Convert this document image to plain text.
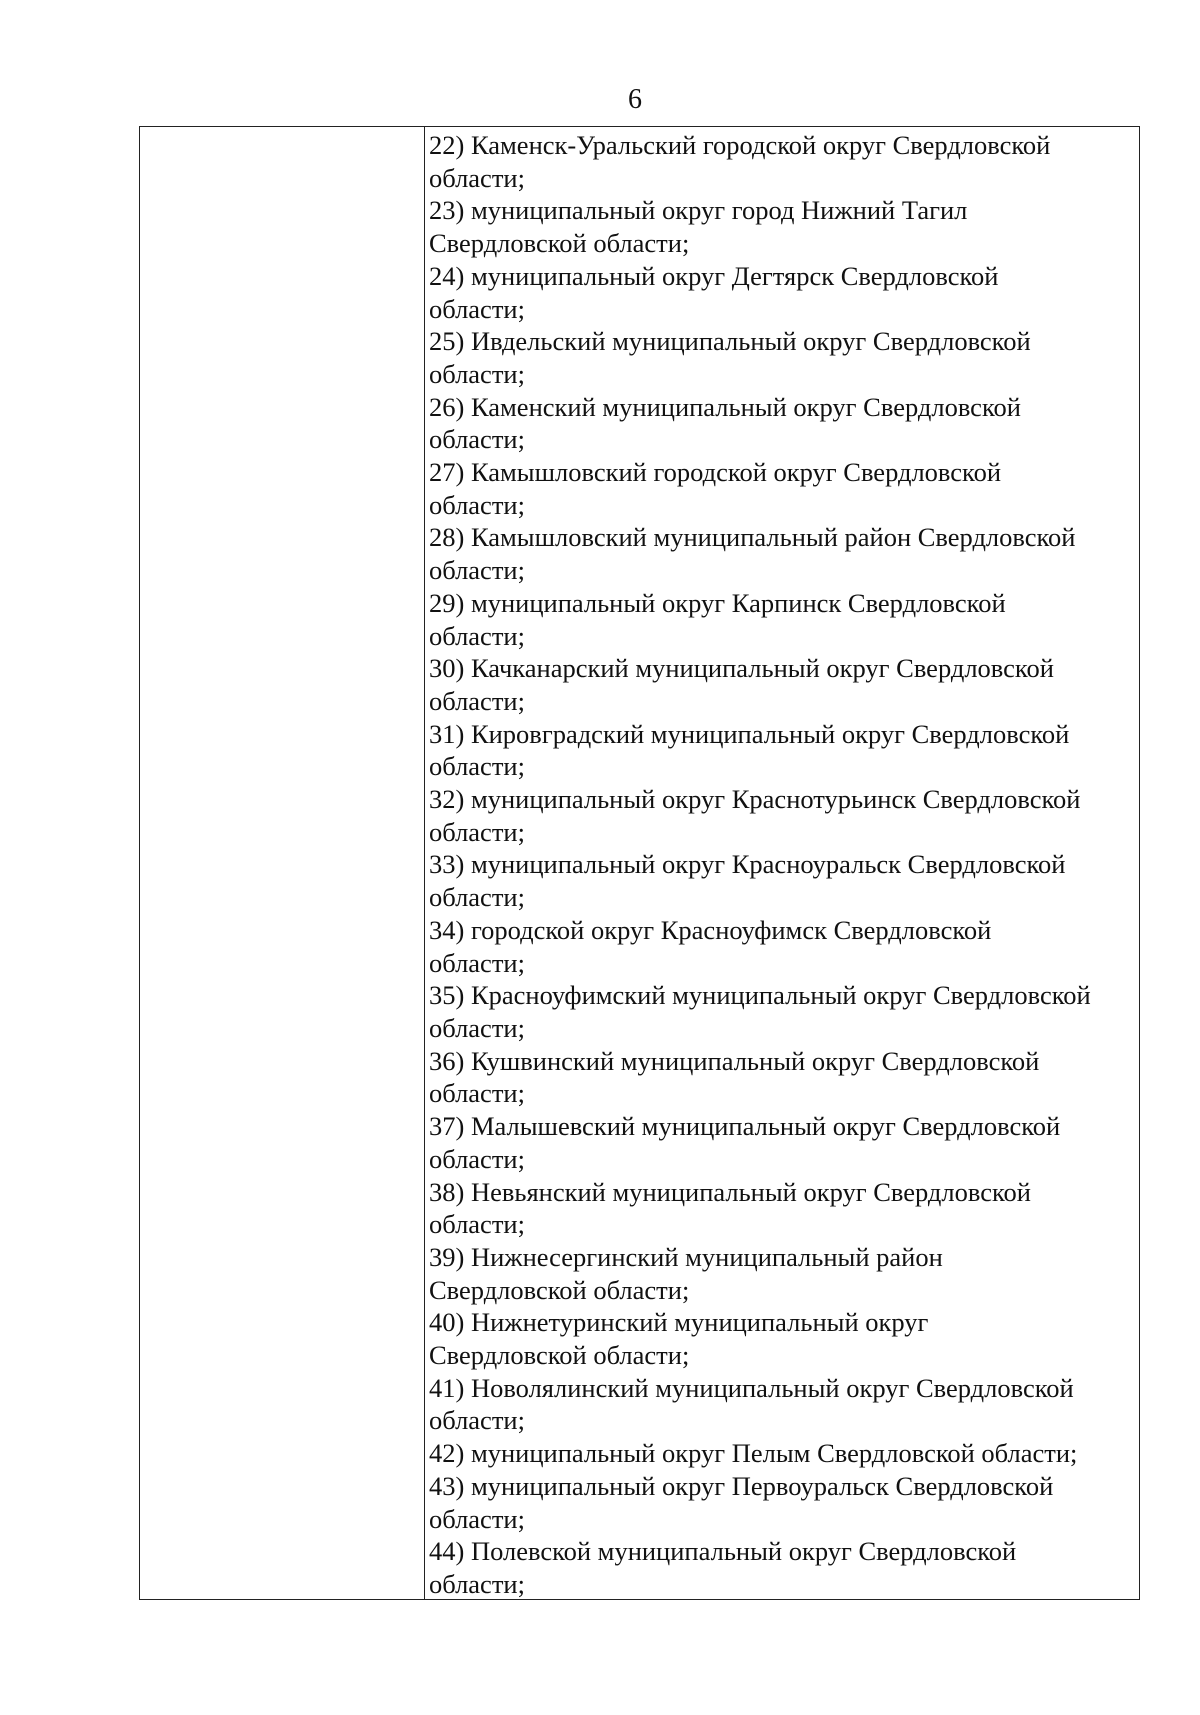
6
22) Каменск-Уральский городской округ Свердловской
области;
23) муниципальный округ город Нижний Тагил
Свердловской области;
24) муниципальный округ Дегтярск Свердловской
области;
25) Ивдельский муниципальный округ Свердловской
области;
26) Каменский муниципальный округ Свердловской
области;
27) Камышловский городской округ Свердловской
области;
28) Камышловский муниципальный район Свердловской
области;
29) муниципальный округ Карпинск Свердловской
области;
30) Качканарский муниципальный округ Свердловской
области;
31) Кировградский муниципальный округ Свердловской
области;
32) муниципальный округ Краснотурьинск Свердловской
области;
33) муниципальный округ Красноуральск Свердловской
области;
34) городской округ Красноуфимск Свердловской
области;
35) Красноуфимский муниципальный округ Свердловской
области;
36) Кушвинский муниципальный округ Свердловской
области;
37) Малышевский муниципальный округ Свердловской
области;
38) Невьянский муниципальный округ Свердловской
области;
39) Нижнесергинский муниципальный район
Свердловской области;
40) Нижнетуринский муниципальный округ
Свердловской области;
41) Новолялинский муниципальный округ Свердловской
области;
42) муниципальный округ Пелым Свердловской области;
43) муниципальный округ Первоуральск Свердловской
области;
44) Полевской муниципальный округ Свердловской
области;
